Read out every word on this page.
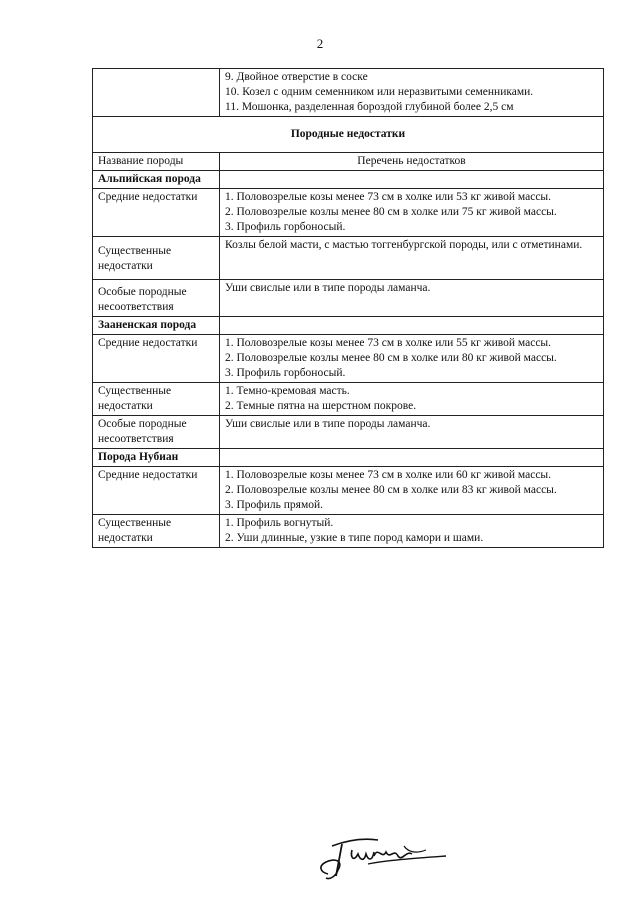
2

	9. Двойное отверстие в соске
10. Козел с одним семенником или неразвитыми семенниками.
11. Мошонка, разделенная бороздой глубиной более 2,5 см

Породные недостатки	
Название породы	Перечень недостатков
Альпийская порода	
Средние недостатки	1. Половозрелые козы менее 73 см в холке или 53 кг живой массы.
2. Половозрелые козлы менее 80 см в холке или 75 кг живой массы.
3. Профиль горбоносый.

Существенные недостатки	Козлы белой масти, с мастью тоггенбургской породы, или с отметинами.

Особые породные несоответствия	Уши свислые или в типе породы ламанча.

Зааненская порода	
Средние недостатки	1. Половозрелые козы менее 73 см в холке или 55 кг живой массы.
2. Половозрелые козлы менее 80 см в холке или 80 кг живой массы.
3. Профиль горбоносый.

Существенные недостатки	1. Темно-кремовая масть.
2. Темные пятна на шерстном покрове.

Особые породные несоответствия	Уши свислые или в типе породы ламанча.

Порода Нубиан	
Средние недостатки	1. Половозрелые козы менее 73 см в холке или 60 кг живой массы.
2. Половозрелые козлы менее 80 см в холке или 83 кг живой массы.
3. Профиль прямой.

Существенные недостатки	1. Профиль вогнутый.
2. Уши длинные, узкие в типе пород камори и шами.
